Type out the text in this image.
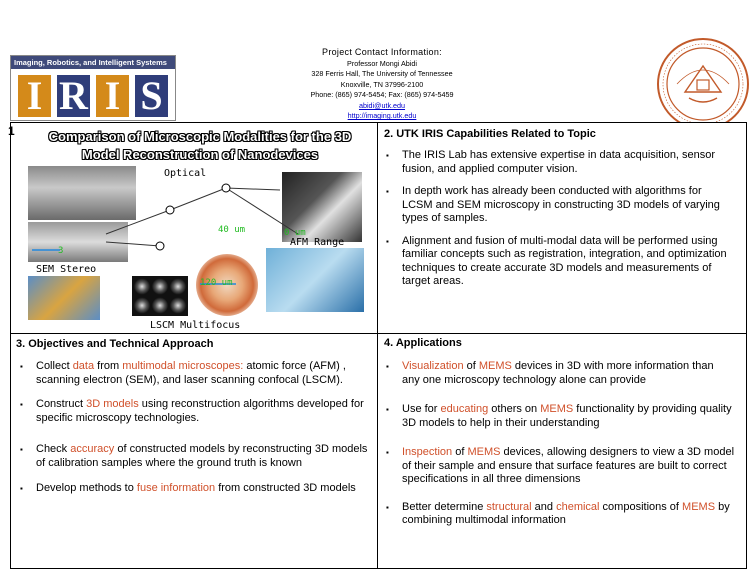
Imaging, Robotics, and Intelligent Systems
I R I S
Project Contact Information:
Professor Mongi Abidi
328 Ferris Hall, The University of Tennessee
Knoxville, TN 37996-2100
Phone: (865) 974-5454; Fax: (865) 974-5459
abidi@utk.edu
http://imaging.utk.edu
1	Comparison of Microscopic Modalities for the 3D
Model Reconstruction of Nanodevices
Optical
AFM Range
SEM Stereo
LSCM Multifocus
40 um	0 um
120 um
3
2. UTK IRIS Capabilities Related to Topic
▪ The IRIS Lab has extensive expertise in data acquisition, sensor fusion, and applied computer vision.
▪ In depth work has already been conducted with algorithms for LCSM and SEM microscopy in constructing 3D models of varying types of samples.
▪ Alignment and fusion of multi-modal data will be performed using familiar concepts such as registration, integration, and optimization techniques to create accurate 3D models and measurements of target areas.
3. Objectives and Technical Approach
▪ Collect data from multimodal microscopes: atomic force (AFM) , scanning electron (SEM), and laser scanning confocal (LSCM).
▪ Construct 3D models using reconstruction algorithms developed for specific microscopy technologies.
▪ Check accuracy of constructed models by reconstructing 3D models of calibration samples where the ground truth is known
▪ Develop methods to fuse information from constructed 3D models
4. Applications
▪ Visualization of MEMS devices in 3D with more information than any one microscopy technology alone can provide
▪ Use for educating others on MEMS functionality by providing quality 3D models to help in their understanding
▪ Inspection of MEMS devices, allowing designers to view a 3D model of their sample and ensure that surface features are built to correct specifications in all three dimensions
▪ Better determine structural and chemical compositions of MEMS by combining multimodal information
